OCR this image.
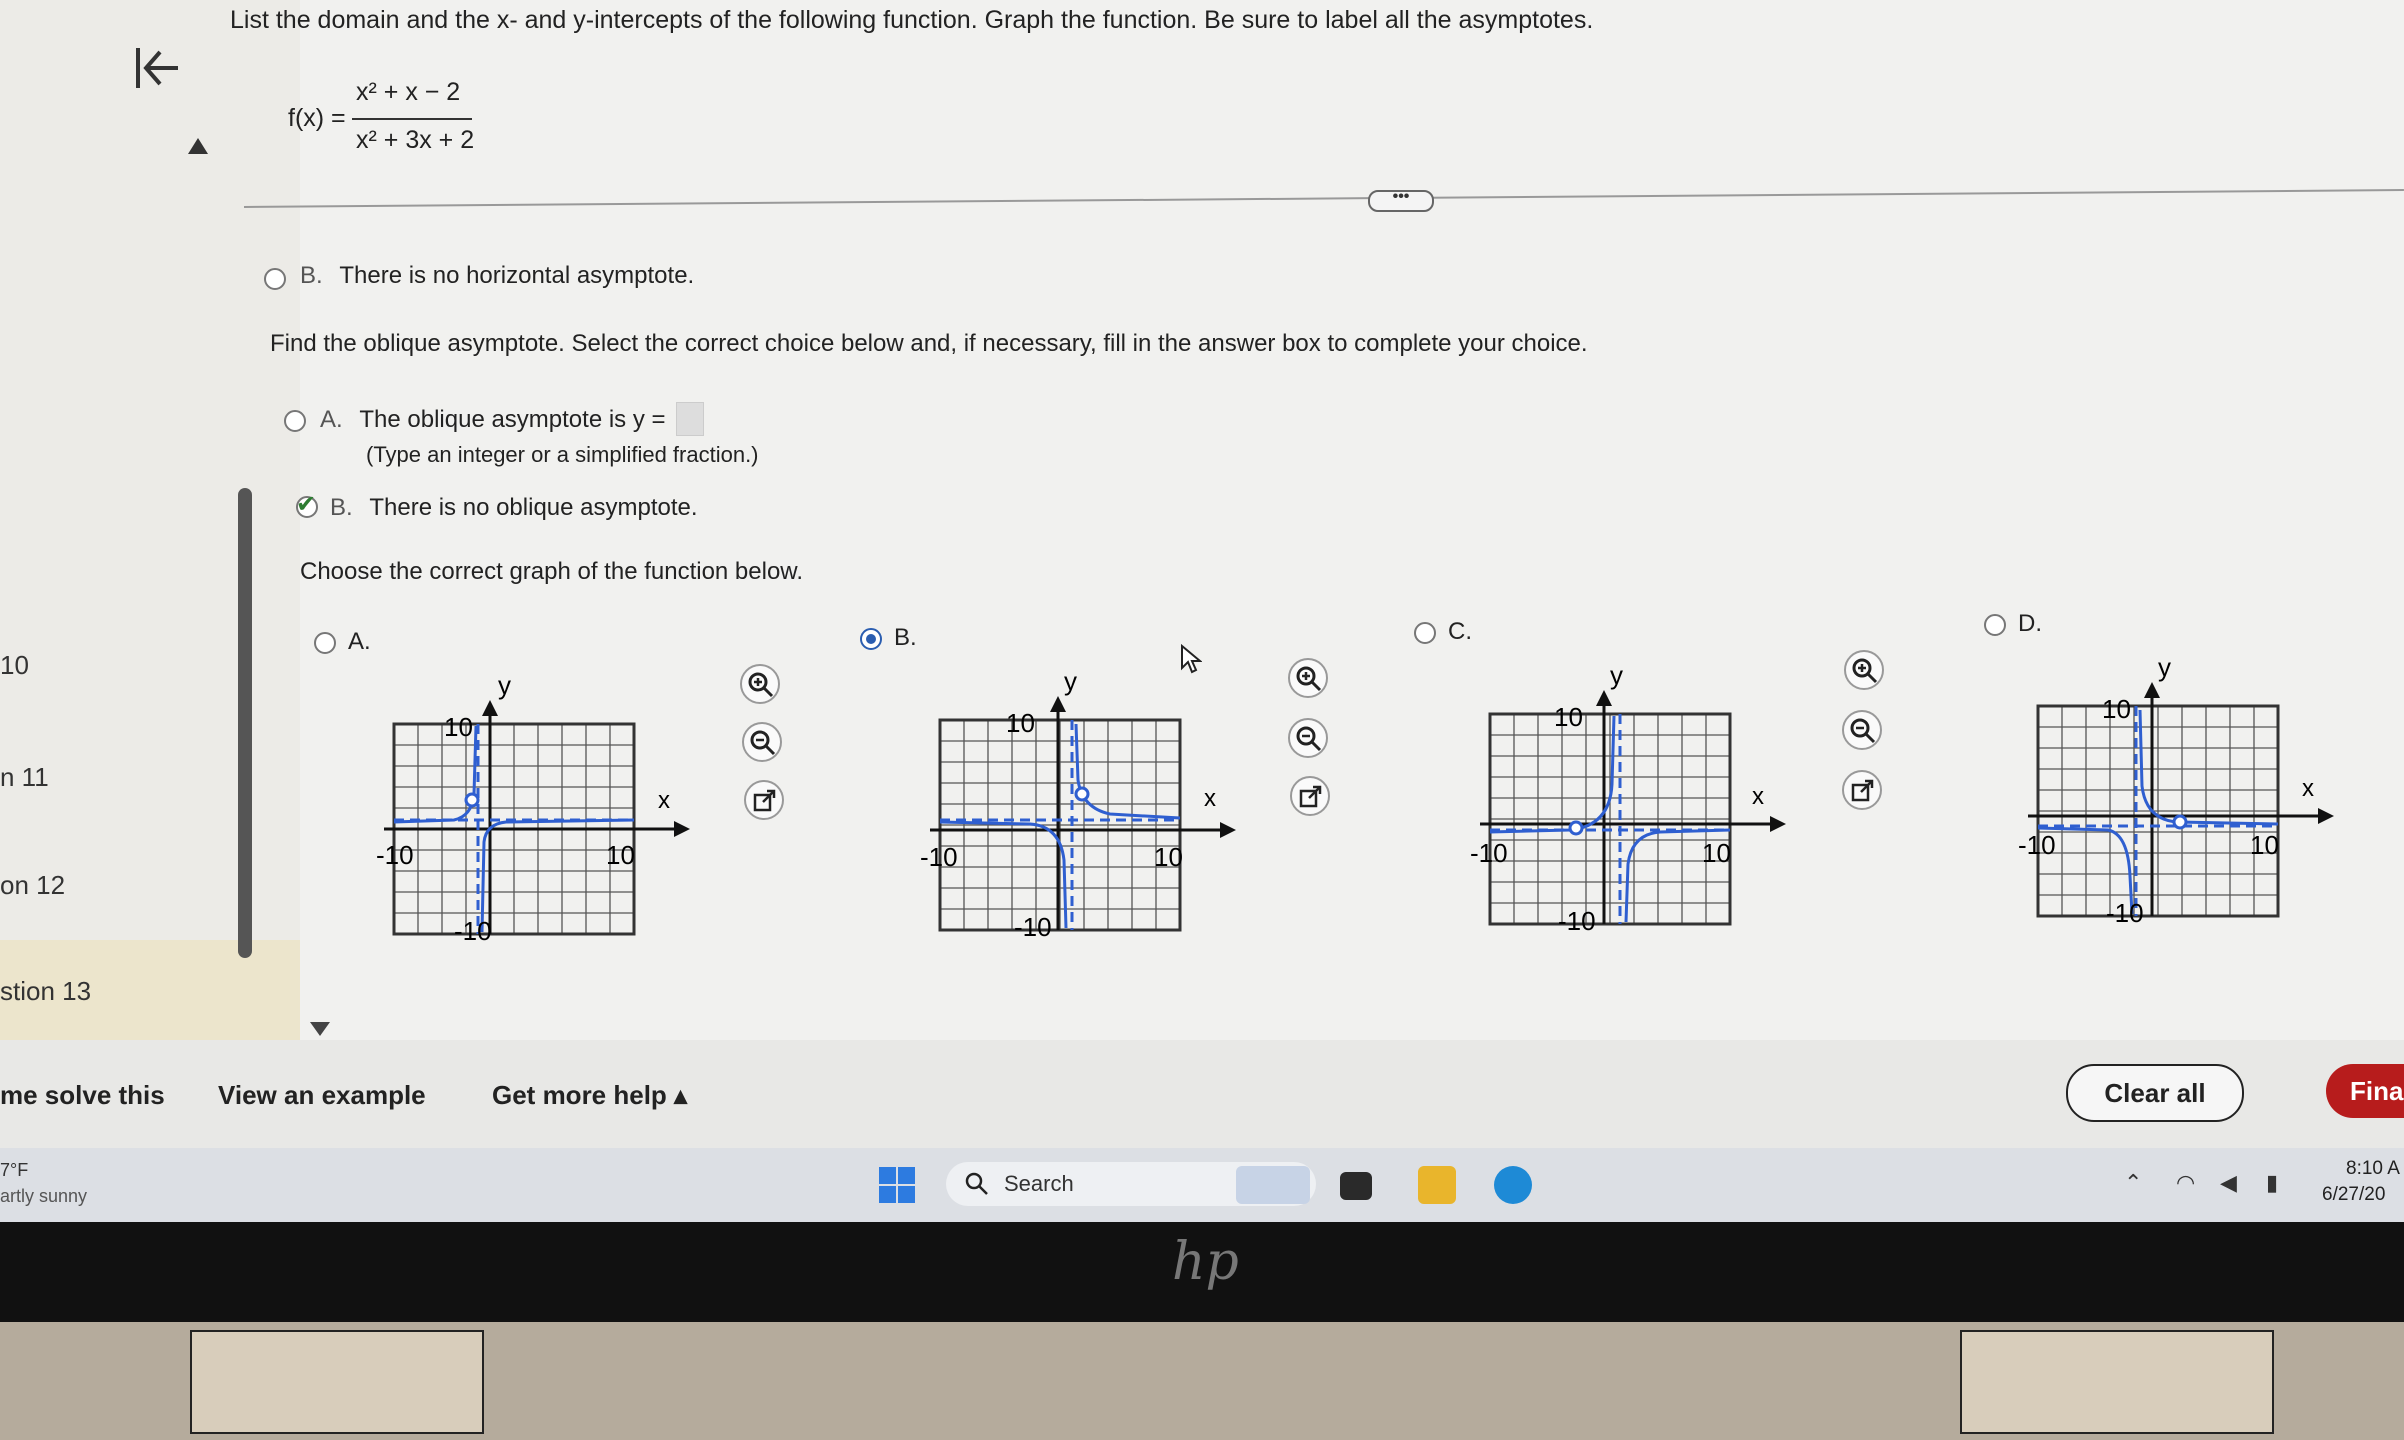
10
n 11
on 12
stion 13
List the domain and the x- and y-intercepts of the following function. Graph the function. Be sure to label all the asymptotes.
f(x) =
x² + x − 2
x² + 3x + 2
•••
B. There is no horizontal asymptote.
Find the oblique asymptote. Select the correct choice below and, if necessary, fill in the answer box to complete your choice.
A. The oblique asymptote is y =
(Type an integer or a simplified fraction.)
✔ B. There is no oblique asymptote.
Choose the correct graph of the function below.
A.	B.	C.	D.
y
x
10
-10
-10	10
y
x
10
-10
-10	10
y
x
10
-10
-10	10
y
x
10
-10
-10	10
me solve this View an example	Get more help ▴	Clear all	Fina
7°F
artly sunny	Search	⌃ ◠ ◀ ▮
8:10 A
6/27/20
hp
